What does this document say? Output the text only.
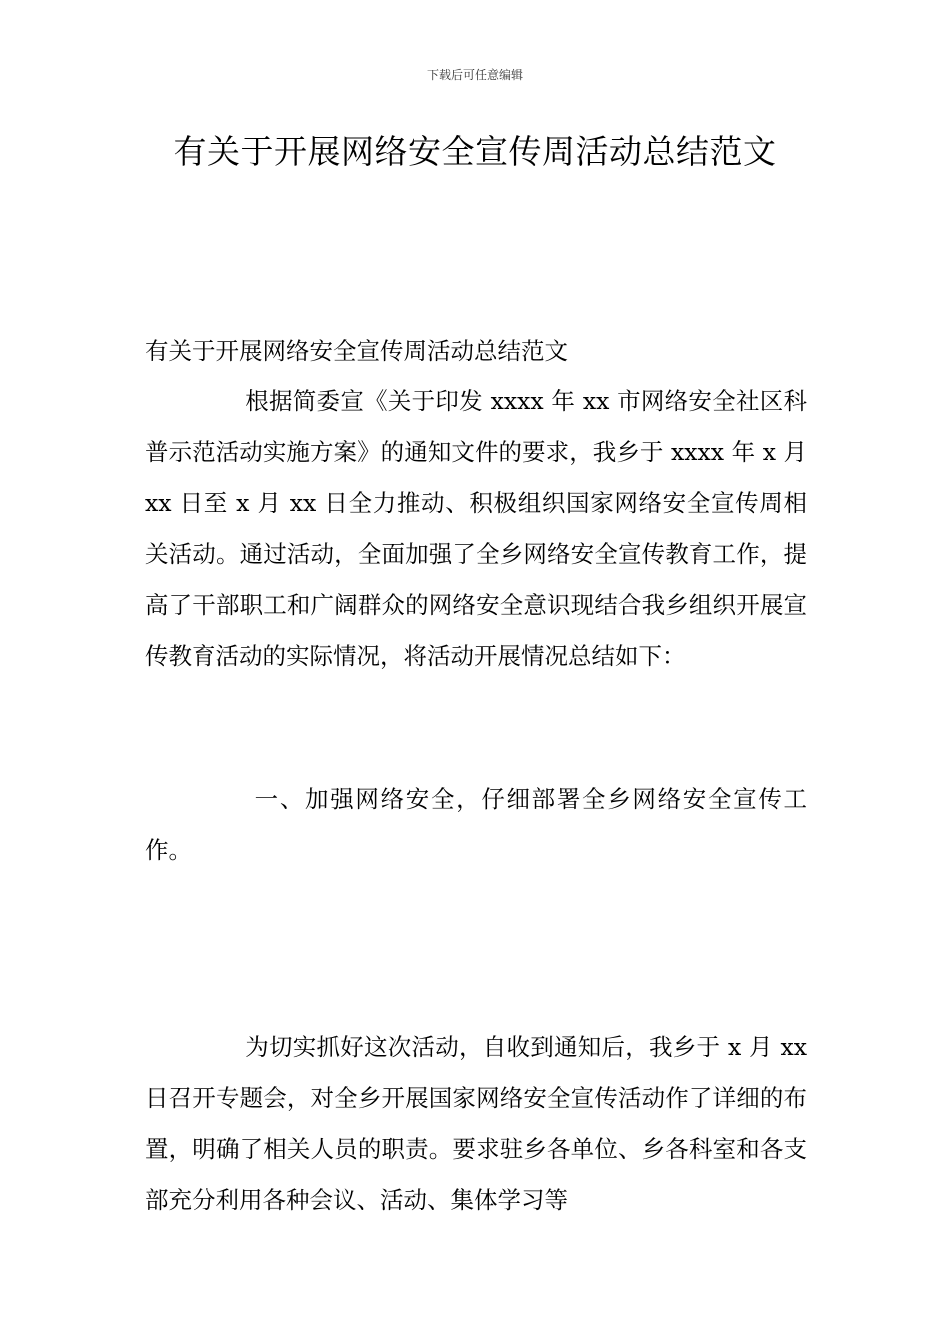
下载后可任意编辑
有关于开展网络安全宣传周活动总结范文

有关于开展网络安全宣传周活动总结范文

根据简委宣《关于印发 xxxx 年 xx 市网络安全社区科普示范活动实施方案》的通知文件的要求，我乡于 xxxx 年 x 月 xx 日至 x 月 xx 日全力推动、积极组织国家网络安全宣传周相关活动。通过活动，全面加强了全乡网络安全宣传教育工作，提高了干部职工和广阔群众的网络安全意识现结合我乡组织开展宣传教育活动的实际情况，将活动开展情况总结如下：

一、加强网络安全，仔细部署全乡网络安全宣传工作。

为切实抓好这次活动，自收到通知后，我乡于 x 月 xx 日召开专题会，对全乡开展国家网络安全宣传活动作了详细的布置，明确了相关人员的职责。要求驻乡各单位、乡各科室和各支部充分利用各种会议、活动、集体学习等
